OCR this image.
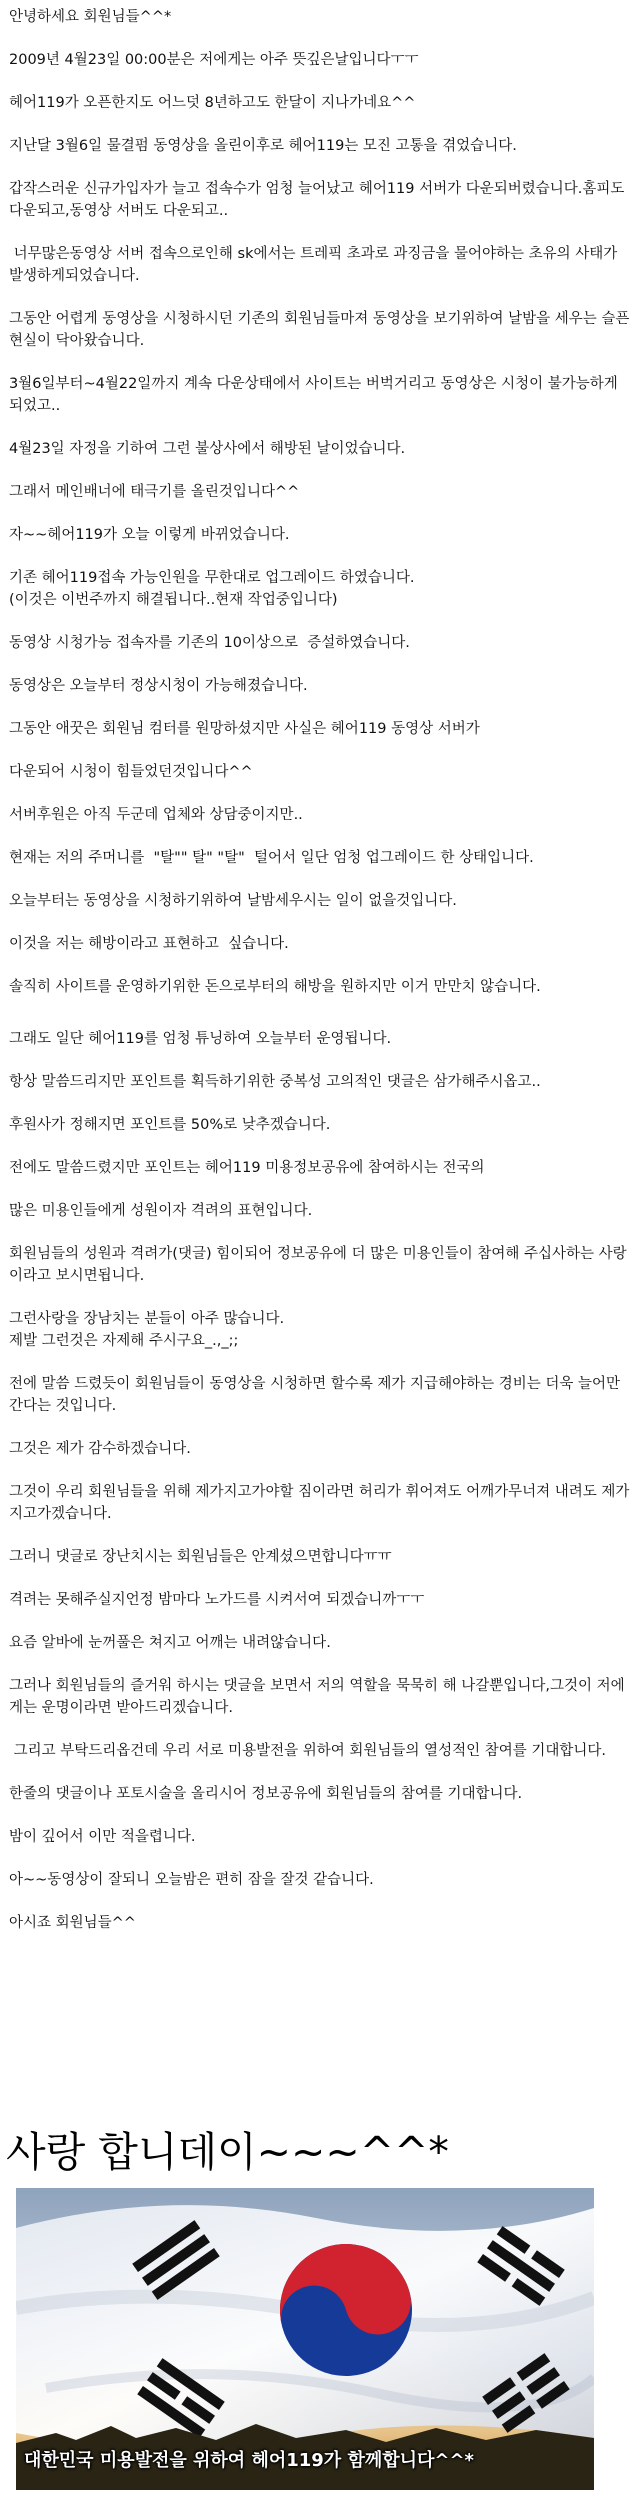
안녕하세요 회원님들^^*

2009년 4월23일 00:00분은 저에게는 아주 뜻깊은날입니다ㅜㅜ

헤어119가 오픈한지도 어느덧 8년하고도 한달이 지나가네요^^

지난달 3월6일 물결펌 동영상을 올린이후로 헤어119는 모진 고통을 겪었습니다.

갑작스러운 신규가입자가 늘고 접속수가 엄청 늘어났고 헤어119 서버가 다운되버렸습니다.홈피도   다운되고,동영상 서버도 다운되고..

너무많은동영상 서버 접속으로인해 sk에서는 트레픽 초과로 과징금을 물어야하는 초유의 사태가 발생하게되었습니다.

그동안 어렵게 동영상을 시청하시던 기존의 회원님들마져 동영상을 보기위하여 날밤을 세우는 슬픈현실이 닥아왔습니다.

3월6일부터~4월22일까지 계속 다운상태에서 사이트는 버벅거리고 동영상은 시청이 불가능하게 되었고..

4월23일 자정을 기하여 그런 불상사에서 해방된 날이었습니다.

그래서 메인배너에 태극기를 올린것입니다^^

자~~헤어119가 오늘 이렇게 바뀌었습니다.

기존 헤어119접속 가능인원을 무한대로 업그레이드 하였습니다.
(이것은 이번주까지 해결됩니다..현재 작업중입니다)

동영상 시청가능 접속자를 기존의 10이상으로  증설하였습니다.

동영상은 오늘부터 정상시청이 가능해졌습니다.

그동안 애꿋은 회원님 컴터를 원망하셨지만 사실은 헤어119 동영상 서버가

다운되어 시청이 힘들었던것입니다^^

서버후원은 아직 두군데 업체와 상담중이지만..

현재는 저의 주머니를  "탈"" 탈" "탈"  털어서 일단 엄청 업그레이드 한 상태입니다.

오늘부터는 동영상을 시청하기위하여 날밤세우시는 일이 없을것입니다.

이것을 저는 해방이라고 표현하고  싶습니다.

솔직히 사이트를 운영하기위한 돈으로부터의 해방을 원하지만 이거 만만치 않습니다.

그래도 일단 헤어119를 엄청 튜닝하여 오늘부터 운영됩니다.

항상 말씀드리지만 포인트를 획득하기위한 중복성 고의적인 댓글은 삼가해주시옵고..

후원사가 정해지면 포인트를 50%로 낮추겠습니다.

전에도 말씀드렸지만 포인트는 헤어119 미용정보공유에 참여하시는 전국의

많은 미용인들에게 성원이자 격려의 표현입니다.

회원님들의 성원과 격려가(댓글) 힘이되어 정보공유에 더 많은 미용인들이 참여해 주십사하는 사랑이라고 보시면됩니다.

그런사랑을 장남치는 분들이 아주 많습니다.
제발 그런것은 자제해 주시구요_.,_;;

전에 말씀 드렸듯이 회원님들이 동영상을 시청하면 할수록 제가 지급해야하는 경비는 더욱 늘어만 간다는 것입니다.

그것은 제가 감수하겠습니다.

그것이 우리 회원님들을 위해 제가지고가야할 짐이라면 허리가 휘어져도 어깨가무너져 내려도 제가 지고가겠습니다.

그러니 댓글로 장난치시는 회원님들은 안계셨으면합니다ㅠㅠ

격려는 못해주실지언정 밤마다 노가드를 시켜서여 되겠습니까ㅜㅜ

요즘 알바에 눈꺼풀은 쳐지고 어깨는 내려않습니다.

그러나 회원님들의 즐거워 하시는 댓글을 보면서 저의 역할을 묵묵히 해 나갈뿐입니다,그것이 저에게는 운명이라면 받아드리겠습니다.

그리고 부탁드리옵건데 우리 서로 미용발전을 위하여 회원님들의 열성적인 참여를 기대합니다.

한줄의 댓글이나 포토시술을 올리시어 정보공유에 회원님들의 참여를 기대합니다.

밤이 깊어서 이만 적을렵니다.

아~~동영상이 잘되니 오늘밤은 편히 잠을 잘것 같습니다.

아시죠 회원님들^^

사랑 합니데이~~~^^*
대한민국 미용발전을 위하여 헤어119가 함께합니다^^*
